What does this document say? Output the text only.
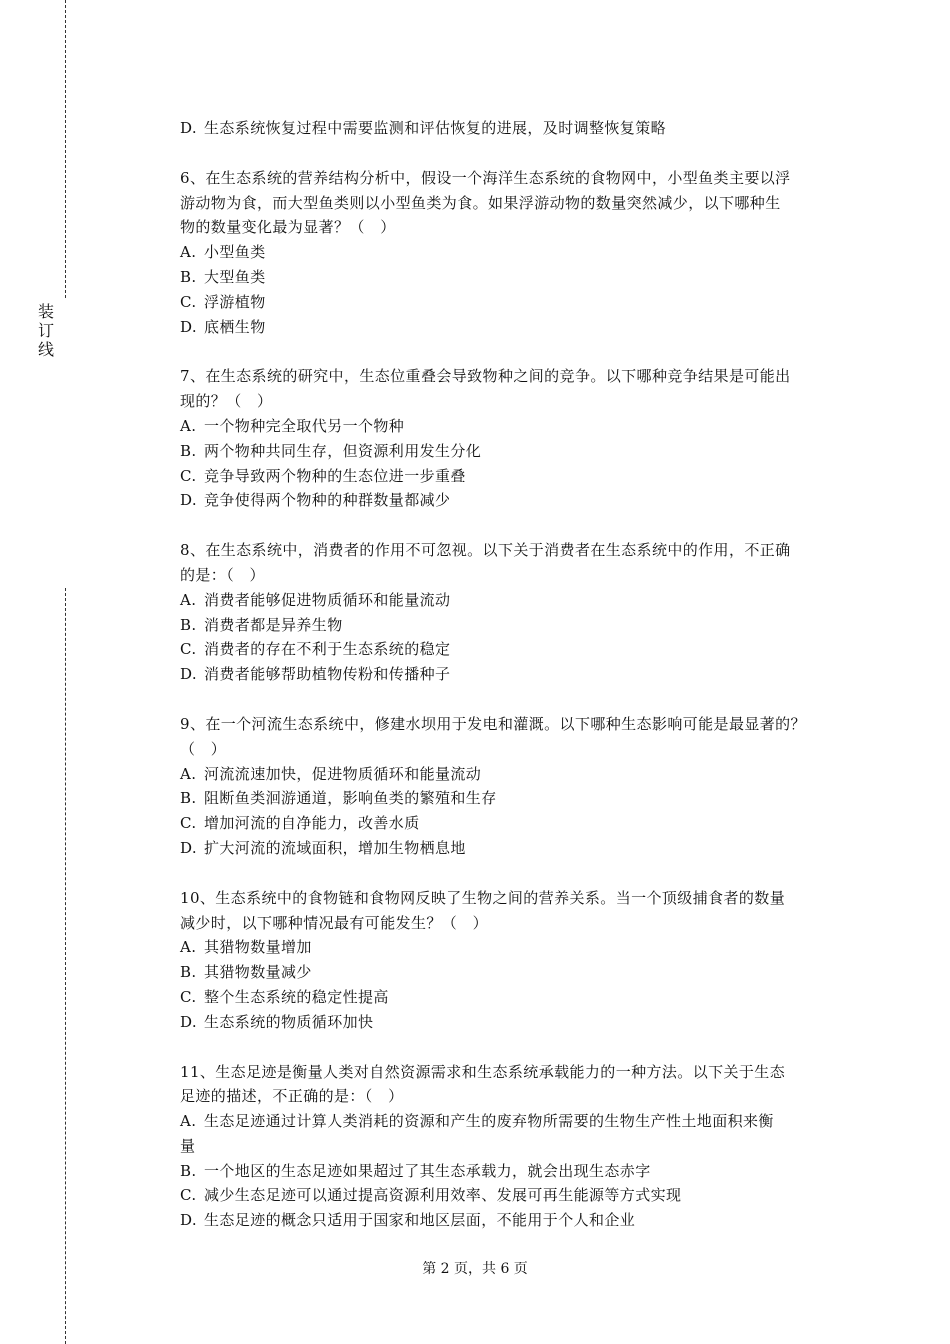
装
订
线
D. 生态系统恢复过程中需要监测和评估恢复的进展，及时调整恢复策略
6、在生态系统的营养结构分析中，假设一个海洋生态系统的食物网中，小型鱼类主要以浮
游动物为食，而大型鱼类则以小型鱼类为食。如果浮游动物的数量突然减少，以下哪种生
物的数量变化最为显著？（　）
A. 小型鱼类
B. 大型鱼类
C. 浮游植物
D. 底栖生物
7、在生态系统的研究中，生态位重叠会导致物种之间的竞争。以下哪种竞争结果是可能出
现的？（　）
A. 一个物种完全取代另一个物种
B. 两个物种共同生存，但资源利用发生分化
C. 竞争导致两个物种的生态位进一步重叠
D. 竞争使得两个物种的种群数量都减少
8、在生态系统中，消费者的作用不可忽视。以下关于消费者在生态系统中的作用，不正确
的是：（　）
A. 消费者能够促进物质循环和能量流动
B. 消费者都是异养生物
C. 消费者的存在不利于生态系统的稳定
D. 消费者能够帮助植物传粉和传播种子
9、在一个河流生态系统中，修建水坝用于发电和灌溉。以下哪种生态影响可能是最显著的？
（　）
A. 河流流速加快，促进物质循环和能量流动
B. 阻断鱼类洄游通道，影响鱼类的繁殖和生存
C. 增加河流的自净能力，改善水质
D. 扩大河流的流域面积，增加生物栖息地
10、生态系统中的食物链和食物网反映了生物之间的营养关系。当一个顶级捕食者的数量
减少时，以下哪种情况最有可能发生？（　）
A. 其猎物数量增加
B. 其猎物数量减少
C. 整个生态系统的稳定性提高
D. 生态系统的物质循环加快
11、生态足迹是衡量人类对自然资源需求和生态系统承载能力的一种方法。以下关于生态
足迹的描述，不正确的是：（　）
A. 生态足迹通过计算人类消耗的资源和产生的废弃物所需要的生物生产性土地面积来衡
量
B. 一个地区的生态足迹如果超过了其生态承载力，就会出现生态赤字
C. 减少生态足迹可以通过提高资源利用效率、发展可再生能源等方式实现
D. 生态足迹的概念只适用于国家和地区层面，不能用于个人和企业
第 2 页，共 6 页
